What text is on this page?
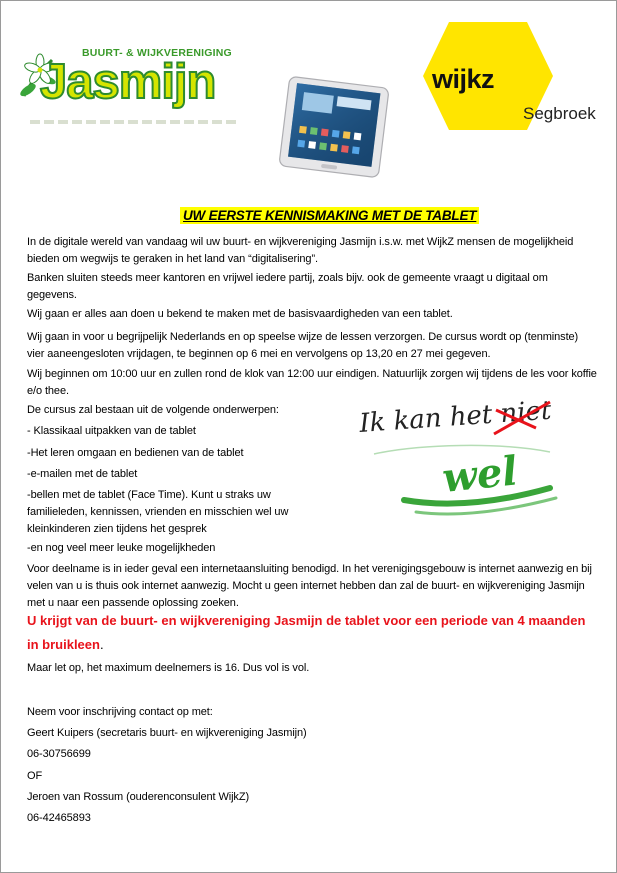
BUURT- & WIJKVERENIGING
Jasmijn	wijkz
Segbroek
UW EERSTE KENNISMAKING MET DE TABLET

In de digitale wereld van vandaag wil uw buurt- en wijkvereniging Jasmijn i.s.w. met WijkZ mensen de mogelijkheid bieden om wegwijs te geraken in het land van “digitalisering”.

Banken sluiten steeds meer kantoren en vrijwel iedere partij, zoals bijv. ook de gemeente vraagt u digitaal om gegevens.

Wij gaan er alles aan doen u bekend te maken met de basisvaardigheden van een tablet.

Wij gaan in voor u begrijpelijk Nederlands en op speelse wijze de lessen verzorgen. De cursus wordt op (tenminste) vier aaneengesloten vrijdagen, te beginnen op 6 mei en vervolgens op 13,20 en 27 mei gegeven.

Wij beginnen om 10:00 uur en zullen rond de klok van 12:00 uur eindigen. Natuurlijk zorgen wij tijdens de les voor koffie e/o thee.

De cursus zal bestaan uit de volgende onderwerpen:

- Klassikaal uitpakken van de tablet

-Het leren omgaan en bedienen van de tablet

-e-mailen met de tablet

-bellen met de tablet (Face Time). Kunt u straks uw familieleden, kennissen, vrienden en misschien wel uw kleinkinderen zien tijdens het gesprek

-en nog veel meer leuke mogelijkheden

Ik kan het niet
wel

Voor deelname is in ieder geval een internetaansluiting benodigd. In het verenigingsgebouw is internet aanwezig en bij velen van u is thuis ook internet aanwezig. Mocht u geen internet hebben dan zal de buurt- en wijkvereniging Jasmijn met u naar een passende oplossing zoeken.

U krijgt van de buurt- en wijkvereniging Jasmijn de tablet voor een periode van 4 maanden in bruikleen.

Maar let op, het maximum deelnemers is 16. Dus vol is vol.

Neem voor inschrijving contact op met:

Geert Kuipers (secretaris buurt- en wijkvereniging Jasmijn)

06-30756699

OF

Jeroen van Rossum (ouderenconsulent WijkZ)

06-42465893
